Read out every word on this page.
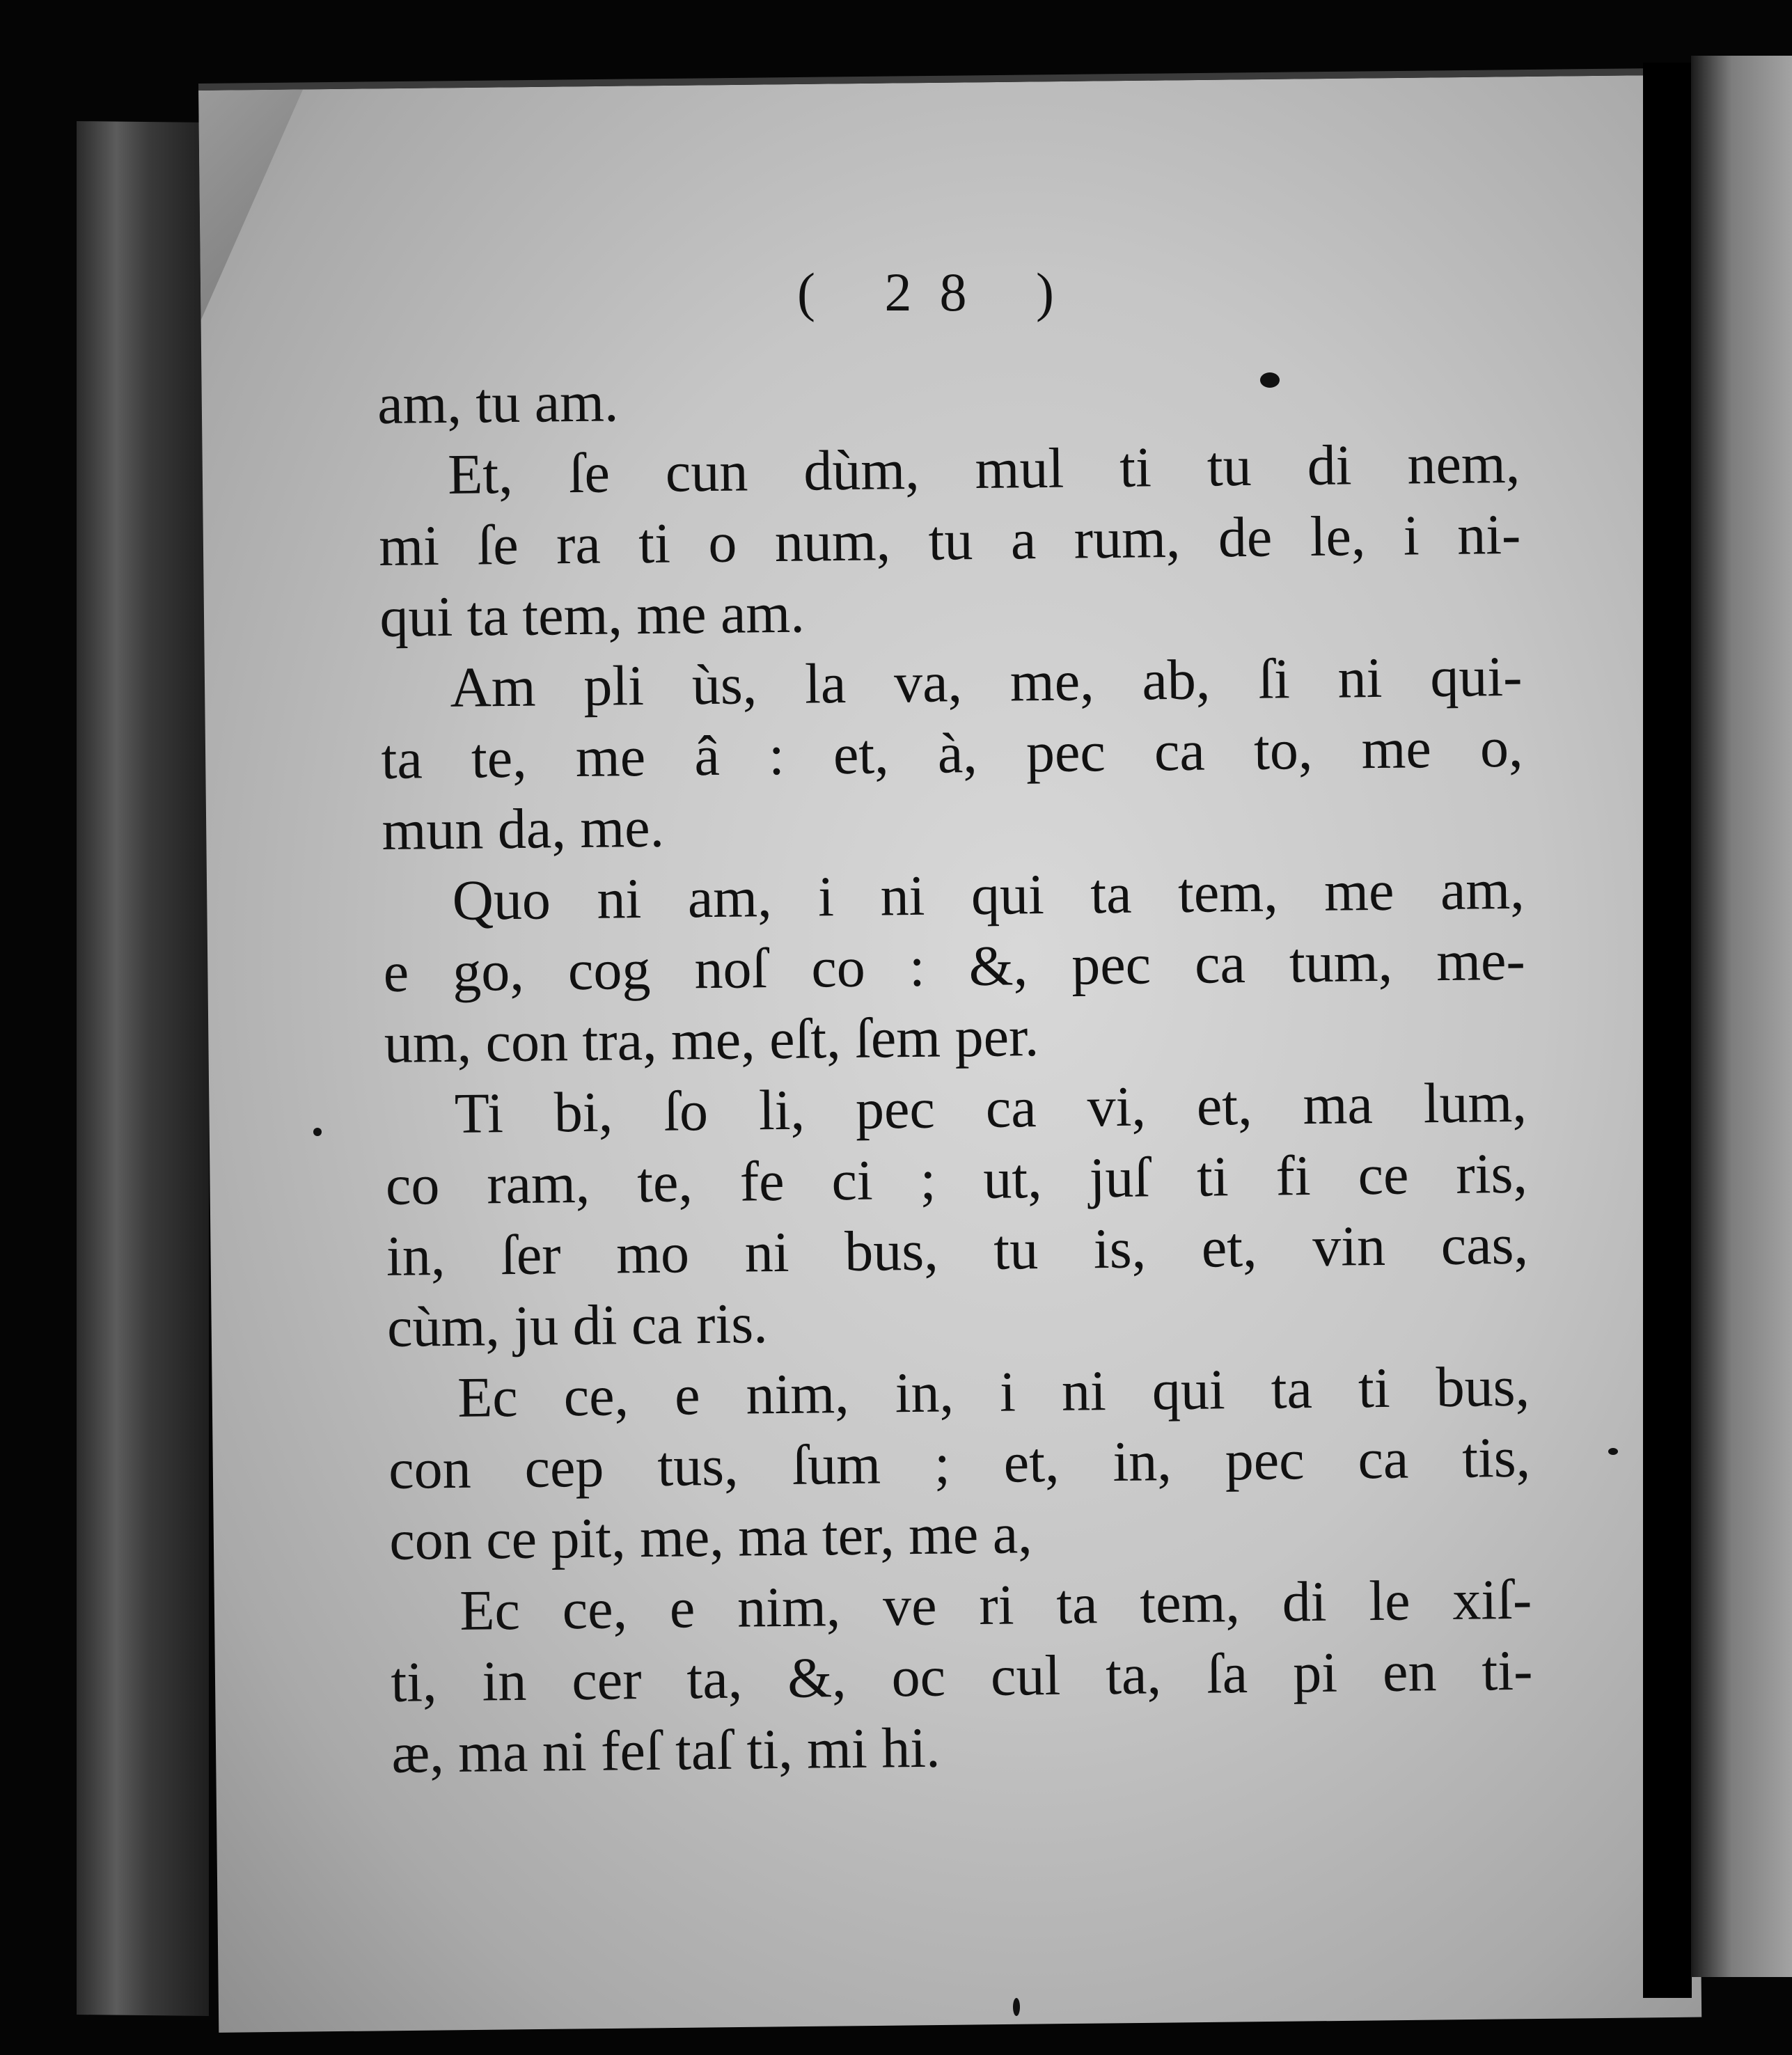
( 28 )
am, tu am.
Et, ſe cun dùm, mul ti tu di nem,
mi ſe ra ti o num, tu a rum, de le, i ni-
qui ta tem, me am.
Am pli ùs, la va, me, ab, ſi ni qui-
ta te, me â : et, à, pec ca to, me o,
mun da, me.
Quo ni am, i ni qui ta tem, me am,
e go, cog noſ co : &, pec ca tum, me-
um, con tra, me, eſt, ſem per.
Ti bi, ſo li, pec ca vi, et, ma lum,
co ram, te, fe ci ; ut, juſ ti fi ce ris,
in, ſer mo ni bus, tu is, et, vin cas,
cùm, ju di ca ris.
Ec ce, e nim, in, i ni qui ta ti bus,
con cep tus, ſum ; et, in, pec ca tis,
con ce pit, me, ma ter, me a,
Ec ce, e nim, ve ri ta tem, di le xiſ-
ti, in cer ta, &, oc cul ta, ſa pi en ti-
æ, ma ni feſ taſ ti, mi hi.
